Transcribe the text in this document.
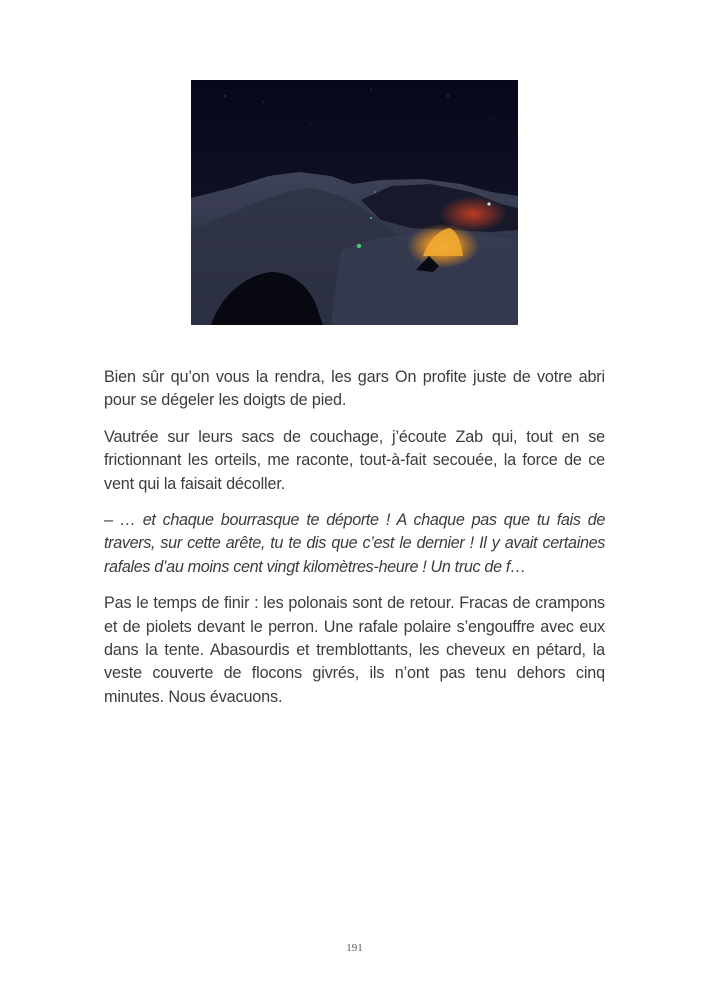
Bien sûr qu’on vous la rendra, les gars On profite juste de votre abri pour se dégeler les doigts de pied.

Vautrée sur leurs sacs de couchage, j’écoute Zab qui, tout en se frictionnant les orteils, me raconte, tout-à-fait secouée, la force de ce vent qui la faisait décoller.

– … et chaque bourrasque te déporte ! A chaque pas que tu fais de travers, sur cette arête, tu te dis que c’est le dernier ! Il y avait certaines rafales d’au moins cent vingt kilomètres-heure ! Un truc de f…

Pas le temps de finir : les polonais sont de retour. Fracas de crampons et de piolets devant le perron. Une rafale polaire s’engouffre avec eux dans la tente. Abasourdis et tremblottants, les cheveux en pétard, la veste couverte de flocons givrés, ils n’ont pas tenu dehors cinq minutes. Nous évacuons.

191
